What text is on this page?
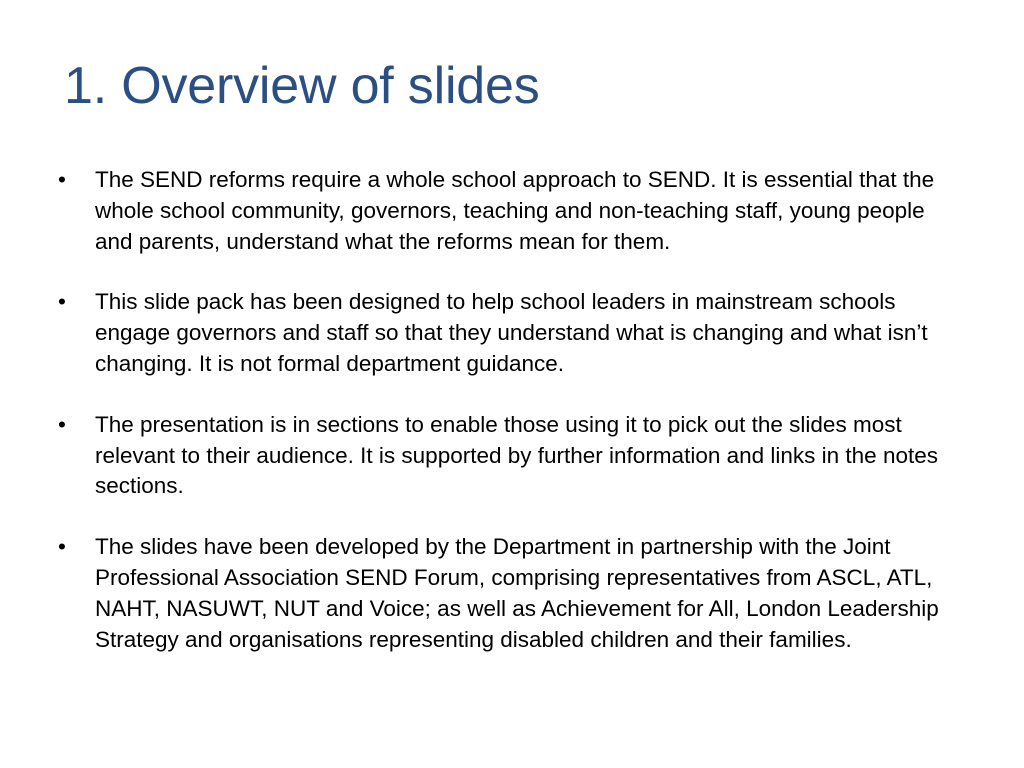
1. Overview of slides
•	The SEND reforms require a whole school approach to SEND. It is essential that the whole school community, governors, teaching and non-teaching staff, young people and parents, understand what the reforms mean for them.
•	This slide pack has been designed to help school leaders in mainstream schools engage governors and staff so that they understand what is changing and what isn’t changing. It is not formal department guidance.
•	The presentation is in sections to enable those using it to pick out the slides most relevant to their audience. It is supported by further information and links in the notes sections.
•	The slides have been developed by the Department in partnership with the Joint Professional Association SEND Forum, comprising representatives from ASCL, ATL, NAHT, NASUWT, NUT and Voice; as well as Achievement for All, London Leadership Strategy and organisations representing disabled children and their families.
